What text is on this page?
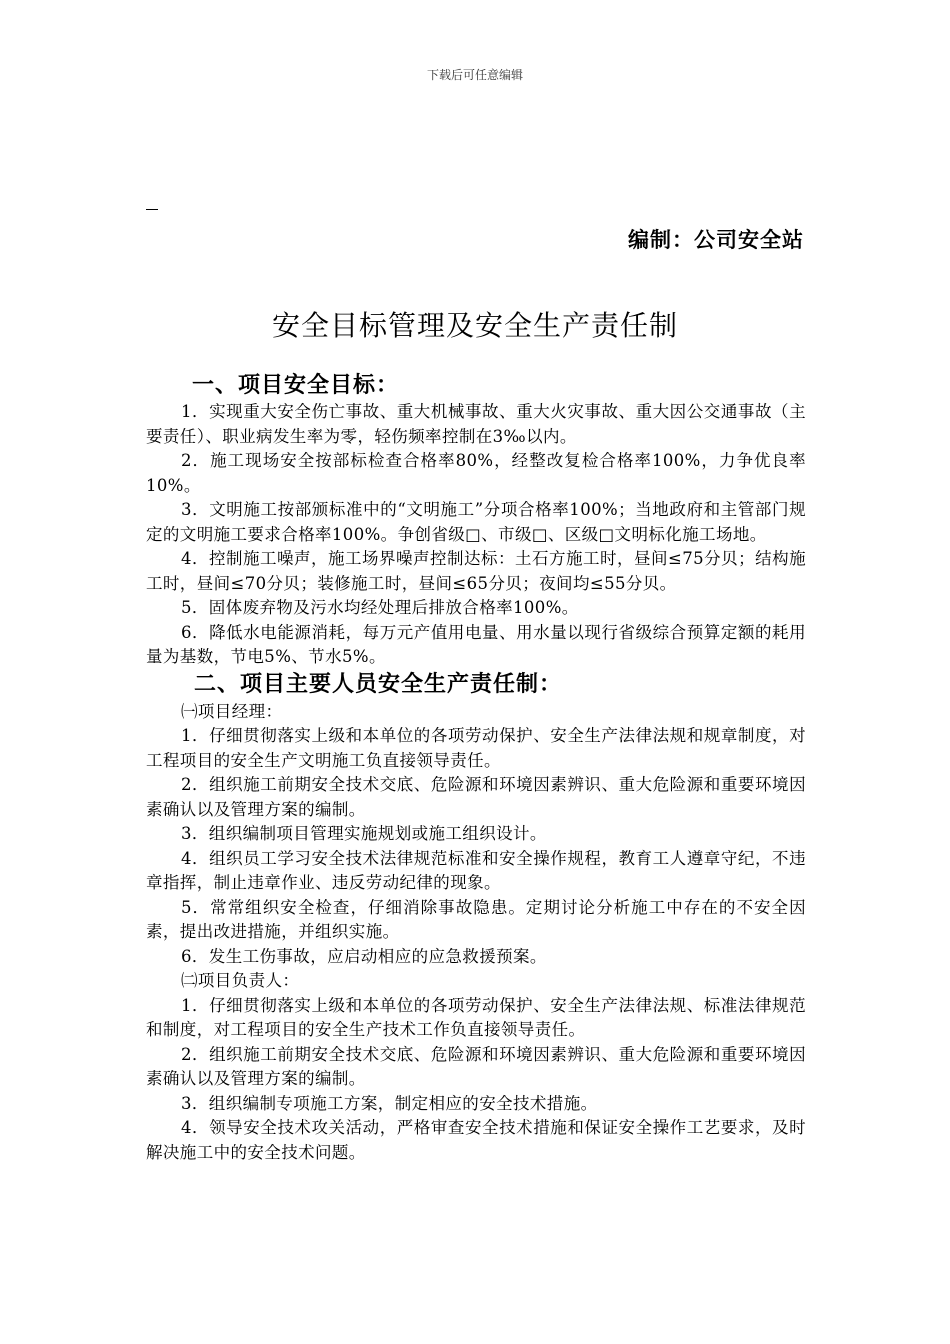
下载后可任意编辑
编制：公司安全站
安全目标管理及安全生产责任制
一、项目安全目标：

1．实现重大安全伤亡事故、重大机械事故、重大火灾事故、重大因公交通事故（主要责任）、职业病发生率为零，轻伤频率控制在3‰以内。

2．施工现场安全按部标检查合格率80%，经整改复检合格率100%，力争优良率10%。

3．文明施工按部颁标准中的“文明施工”分项合格率100%；当地政府和主管部门规定的文明施工要求合格率100%。争创省级□、市级□、区级□文明标化施工场地。

4．控制施工噪声，施工场界噪声控制达标：土石方施工时，昼间≤75分贝；结构施工时，昼间≤70分贝；装修施工时，昼间≤65分贝；夜间均≤55分贝。

5．固体废弃物及污水均经处理后排放合格率100%。

6．降低水电能源消耗，每万元产值用电量、用水量以现行省级综合预算定额的耗用量为基数，节电5%、节水5%。

二、项目主要人员安全生产责任制：

㈠项目经理：

1．仔细贯彻落实上级和本单位的各项劳动保护、安全生产法律法规和规章制度，对工程项目的安全生产文明施工负直接领导责任。

2．组织施工前期安全技术交底、危险源和环境因素辨识、重大危险源和重要环境因素确认以及管理方案的编制。

3．组织编制项目管理实施规划或施工组织设计。

4．组织员工学习安全技术法律规范标准和安全操作规程，教育工人遵章守纪，不违章指挥，制止违章作业、违反劳动纪律的现象。

5．常常组织安全检查，仔细消除事故隐患。定期讨论分析施工中存在的不安全因素，提出改进措施，并组织实施。

6．发生工伤事故，应启动相应的应急救援预案。

㈡项目负责人：

1．仔细贯彻落实上级和本单位的各项劳动保护、安全生产法律法规、标准法律规范和制度，对工程项目的安全生产技术工作负直接领导责任。

2．组织施工前期安全技术交底、危险源和环境因素辨识、重大危险源和重要环境因素确认以及管理方案的编制。

3．组织编制专项施工方案，制定相应的安全技术措施。

4．领导安全技术攻关活动，严格审查安全技术措施和保证安全操作工艺要求，及时解决施工中的安全技术问题。
